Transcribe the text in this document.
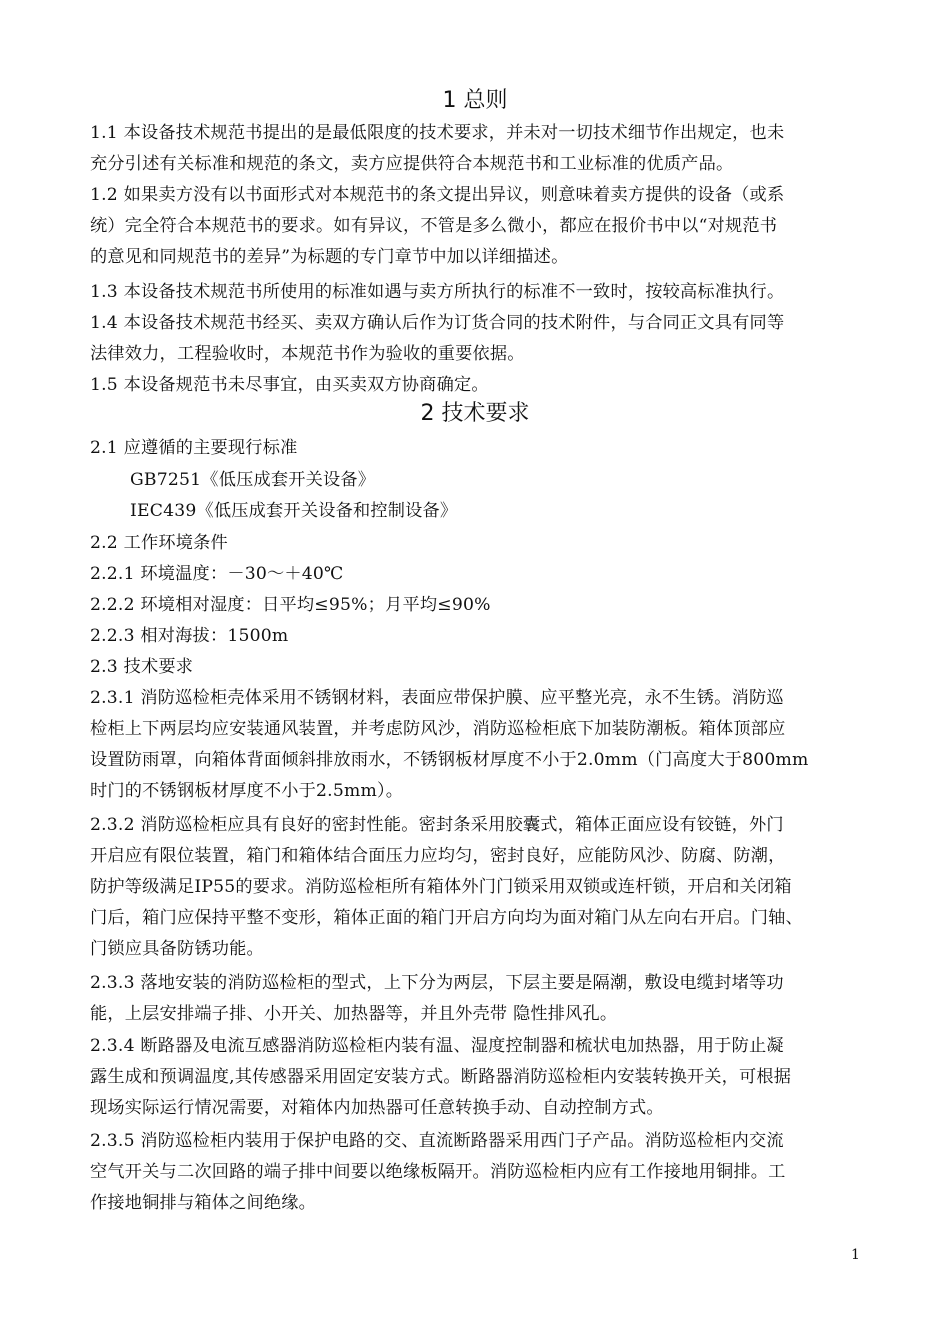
1 总则
1.1 本设备技术规范书提出的是最低限度的技术要求，并未对一切技术细节作出规定，也未
充分引述有关标准和规范的条文，卖方应提供符合本规范书和工业标准的优质产品。
1.2 如果卖方没有以书面形式对本规范书的条文提出异议，则意味着卖方提供的设备（或系
统）完全符合本规范书的要求。如有异议，不管是多么微小，都应在报价书中以“对规范书
的意见和同规范书的差异”为标题的专门章节中加以详细描述。
1.3 本设备技术规范书所使用的标准如遇与卖方所执行的标准不一致时，按较高标准执行。
1.4 本设备技术规范书经买、卖双方确认后作为订货合同的技术附件，与合同正文具有同等
法律效力，工程验收时，本规范书作为验收的重要依据。
1.5 本设备规范书未尽事宜，由买卖双方协商确定。
2 技术要求
2.1 应遵循的主要现行标准
GB7251《低压成套开关设备》
IEC439《低压成套开关设备和控制设备》
2.2 工作环境条件
2.2.1 环境温度：－30～＋40℃
2.2.2 环境相对湿度：日平均≤95%；月平均≤90%
2.2.3 相对海拔：1500m
2.3 技术要求
2.3.1 消防巡检柜壳体采用不锈钢材料，表面应带保护膜、应平整光亮，永不生锈。消防巡
检柜上下两层均应安装通风装置，并考虑防风沙，消防巡检柜底下加装防潮板。箱体顶部应
设置防雨罩，向箱体背面倾斜排放雨水，不锈钢板材厚度不小于2.0mm（门高度大于800mm
时门的不锈钢板材厚度不小于2.5mm）。
2.3.2 消防巡检柜应具有良好的密封性能。密封条采用胶囊式，箱体正面应设有铰链，外门
开启应有限位装置，箱门和箱体结合面压力应均匀，密封良好，应能防风沙、防腐、防潮，
防护等级满足IP55的要求。消防巡检柜所有箱体外门门锁采用双锁或连杆锁，开启和关闭箱
门后，箱门应保持平整不变形，箱体正面的箱门开启方向均为面对箱门从左向右开启。门轴、
门锁应具备防锈功能。
2.3.3 落地安装的消防巡检柜的型式，上下分为两层，下层主要是隔潮，敷设电缆封堵等功
能，上层安排端子排、小开关、加热器等，并且外壳带 隐性排风孔。
2.3.4 断路器及电流互感器消防巡检柜内装有温、湿度控制器和梳状电加热器，用于防止凝
露生成和预调温度,其传感器采用固定安装方式。断路器消防巡检柜内安装转换开关，可根据
现场实际运行情况需要，对箱体内加热器可任意转换手动、自动控制方式。
2.3.5 消防巡检柜内装用于保护电路的交、直流断路器采用西门子产品。消防巡检柜内交流
空气开关与二次回路的端子排中间要以绝缘板隔开。消防巡检柜内应有工作接地用铜排。工
作接地铜排与箱体之间绝缘。
1
